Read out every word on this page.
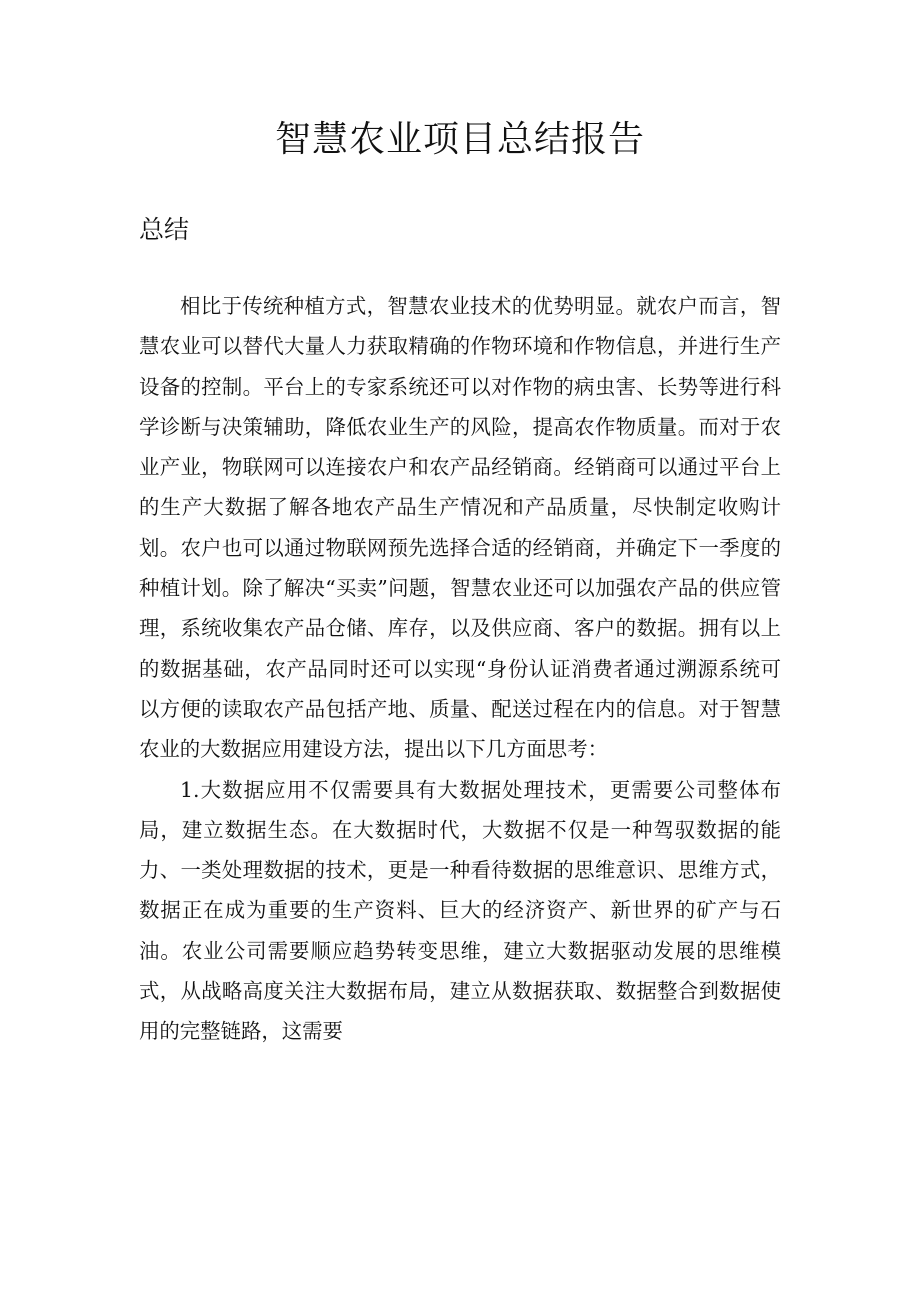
智慧农业项目总结报告
总结

相比于传统种植方式，智慧农业技术的优势明显。就农户而言，智慧农业可以替代大量人力获取精确的作物环境和作物信息，并进行生产设备的控制。平台上的专家系统还可以对作物的病虫害、长势等进行科学诊断与决策辅助，降低农业生产的风险，提高农作物质量。而对于农业产业，物联网可以连接农户和农产品经销商。经销商可以通过平台上的生产大数据了解各地农产品生产情况和产品质量，尽快制定收购计划。农户也可以通过物联网预先选择合适的经销商，并确定下一季度的种植计划。除了解决“买卖”问题，智慧农业还可以加强农产品的供应管理，系统收集农产品仓储、库存，以及供应商、客户的数据。拥有以上的数据基础，农产品同时还可以实现“身份认证消费者通过溯源系统可以方便的读取农产品包括产地、质量、配送过程在内的信息。对于智慧农业的大数据应用建设方法，提出以下几方面思考：

1.大数据应用不仅需要具有大数据处理技术，更需要公司整体布局，建立数据生态。在大数据时代，大数据不仅是一种驾驭数据的能力、一类处理数据的技术，更是一种看待数据的思维意识、思维方式，数据正在成为重要的生产资料、巨大的经济资产、新世界的矿产与石油。农业公司需要顺应趋势转变思维，建立大数据驱动发展的思维模式，从战略高度关注大数据布局，建立从数据获取、数据整合到数据使用的完整链路，这需要
